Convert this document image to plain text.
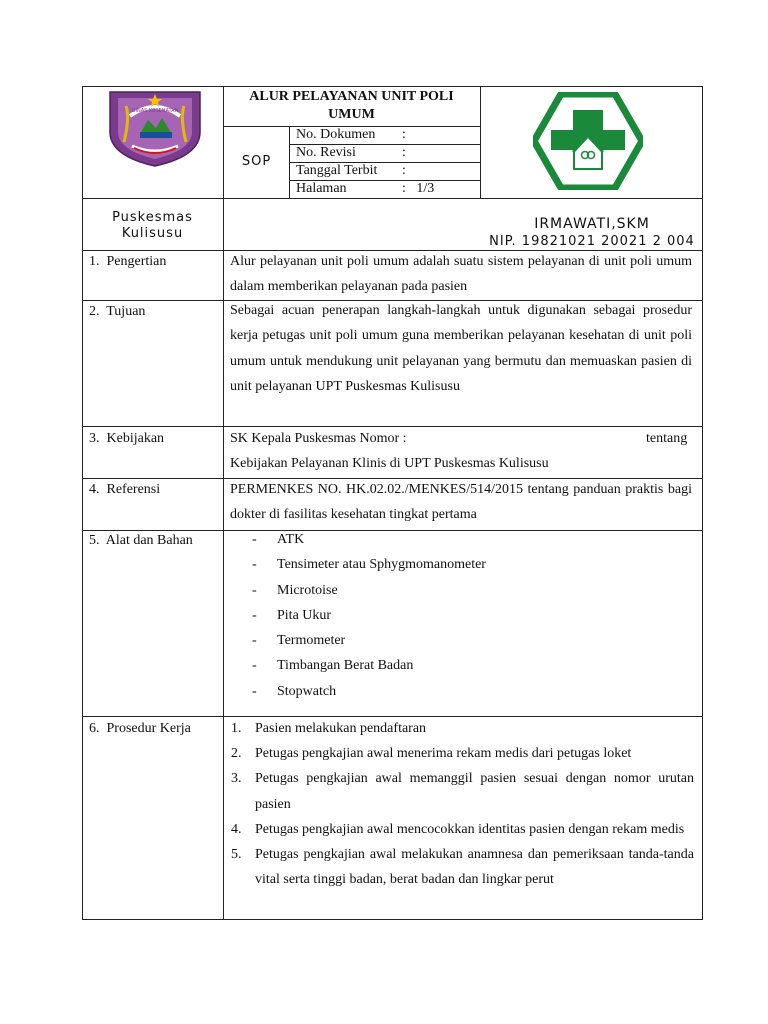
DINAS KESEHATAN
ALUR PELAYANAN UNIT POLI UMUM
SOP
No. Dokumen :
No. Revisi	:
Tanggal Terbit :
Halaman	:   1/3
Puskesmas
Kulisusu
IRMAWATI,SKM
NIP. 19821021 20021 2 004
1.  Pengertian	Alur pelayanan unit poli umum adalah suatu sistem pelayanan di unit poli umum dalam memberikan pelayanan pada pasien
2.  Tujuan	Sebagai acuan penerapan langkah-langkah untuk digunakan sebagai prosedur kerja petugas unit poli umum guna memberikan pelayanan kesehatan di unit poli umum untuk mendukung unit pelayanan yang bermutu dan memuaskan pasien di unit pelayanan UPT Puskesmas Kulisusu
3.  Kebijakan	SK Kepala Puskesmas Nomor :	tentang
Kebijakan Pelayanan Klinis di UPT Puskesmas Kulisusu
4.  Referensi	PERMENKES NO. HK.02.02./MENKES/514/2015 tentang panduan praktis bagi dokter di fasilitas kesehatan tingkat pertama
5.  Alat dan Bahan	- ATK
- Tensimeter atau Sphygmomanometer
- Microtoise
- Pita Ukur
- Termometer
- Timbangan Berat Badan
- Stopwatch
6.  Prosedur Kerja	1. Pasien melakukan pendaftaran
2. Petugas pengkajian awal menerima rekam medis dari petugas loket
3. Petugas pengkajian awal memanggil pasien sesuai dengan nomor urutan pasien
4. Petugas pengkajian awal mencocokkan identitas pasien dengan rekam medis
5. Petugas pengkajian awal melakukan anamnesa dan pemeriksaan tanda-tanda vital serta tinggi badan, berat badan dan lingkar perut
